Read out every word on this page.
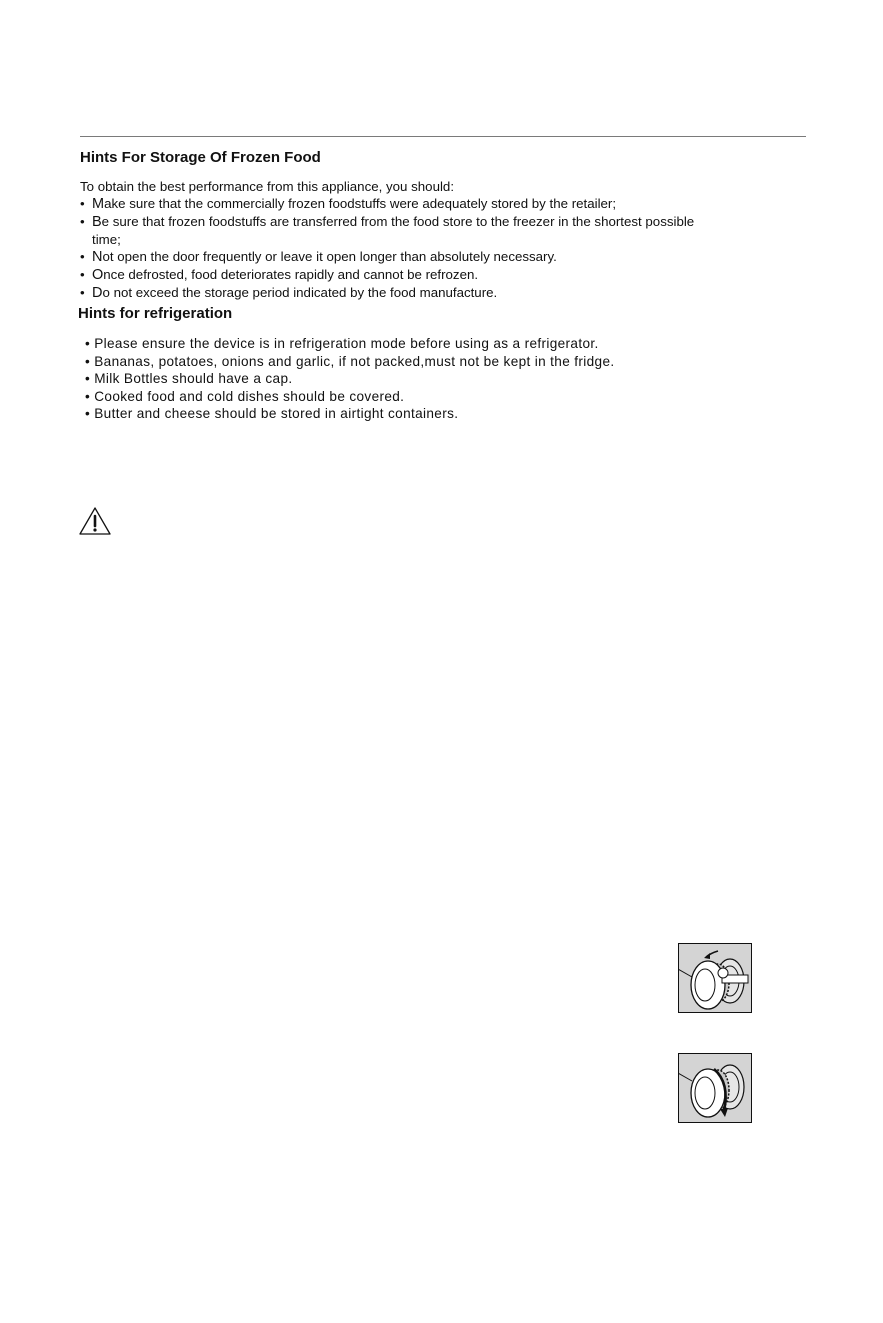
Hints For Storage Of Frozen Food
To obtain the best performance from this appliance, you should:
• Make sure that the commercially frozen foodstuffs were adequately stored by the retailer;
• Be sure that frozen foodstuffs are transferred from the food store to the freezer in the shortest possible
time;
• Not open the door frequently or leave it open longer than absolutely necessary.
• Once defrosted, food deteriorates rapidly and cannot be refrozen.
• Do not exceed the storage period indicated by the food manufacture.
Hints for refrigeration
• Please ensure the device is in refrigeration mode before using as a refrigerator.
• Bananas, potatoes, onions and garlic, if not packed,must not be kept in the fridge.
• Milk Bottles should have a cap.
• Cooked food and cold dishes should be covered.
• Butter and cheese should be stored in airtight containers.
